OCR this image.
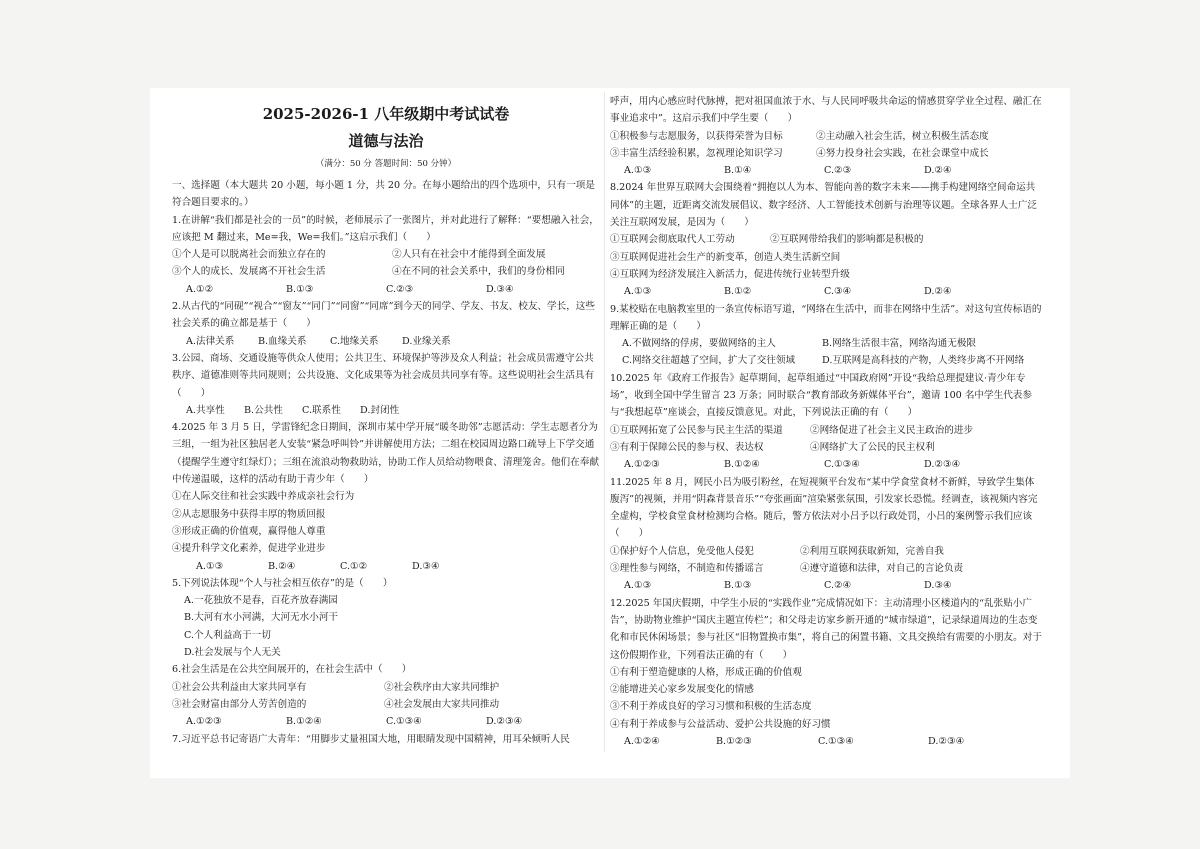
2025-2026-1 八年级期中考试试卷
道德与法治
（满分：50 分 答题时间：50 分钟）

一、选择题（本大题共 20 小题，每小题 1 分，共 20 分。在每小题给出的四个选项中，只有一项是符合题目要求的。）

1.在讲解“我们都是社会的一员”的时候，老师展示了一张图片，并对此进行了解释：“要想融入社会，应该把 M 翻过来，Me=我，We=我们。”这启示我们（　　）

①个人是可以脱离社会而独立存在的	②人只有在社会中才能得到全面发展
③个人的成长、发展离不开社会生活	④在不同的社会关系中，我们的身份相同
A.①②	B.①③	C.②③	D.③④

2.从古代的“同砚”“视合”“窗友”“同门”“同窗”“同席”到今天的同学、学友、书友、校友、学长，这些社会关系的确立都是基于（　　）

A.法律关系	B.血缘关系	C.地缘关系	D.业缘关系

3.公园、商场、交通设施等供众人使用；公共卫生、环境保护等涉及众人利益；社会成员需遵守公共秩序、道德准则等共同规则；公共设施、文化成果等为社会成员共同享有等。这些说明社会生活具有（　　）

A.共享性	B.公共性	C.联系性	D.封闭性

4.2025 年 3 月 5 日，学雷锋纪念日期间，深圳市某中学开展“暖冬助邻”志愿活动：学生志愿者分为三组，一组为社区独居老人安装“紧急呼叫铃”并讲解使用方法；二组在校园周边路口疏导上下学交通（提醒学生遵守红绿灯）；三组在流浪动物救助站，协助工作人员给动物喂食、清理笼舍。他们在奉献中传递温暖，这样的活动有助于青少年（　　）

①在人际交往和社会实践中养成亲社会行为

②从志愿服务中获得丰厚的物质回报

③形成正确的价值观，赢得他人尊重

④提升科学文化素养，促进学业进步

A.①③	B.②④	C.①②	D.③④

5.下列说法体现“个人与社会相互依存”的是（　　）

A.一花独放不是春，百花齐放春满园

B.大河有水小河满，大河无水小河干

C.个人利益高于一切

D.社会发展与个人无关

6.社会生活是在公共空间展开的，在社会生活中（　　）

①社会公共利益由大家共同享有	②社会秩序由大家共同维护
③社会财富由部分人劳苦创造的	④社会发展由大家共同推动
A.①②③	B.①②④	C.①③④	D.②③④

7.习近平总书记寄语广大青年：“用脚步丈量祖国大地，用眼睛发现中国精神，用耳朵倾听人民

呼声，用内心感应时代脉搏，把对祖国血浓于水、与人民同呼吸共命运的情感贯穿学业全过程、融汇在事业追求中”。这启示我们中学生要（　　）

①积极参与志愿服务，以获得荣誉为目标	②主动融入社会生活，树立积极生活态度
③丰富生活经验积累，忽视理论知识学习	④努力投身社会实践，在社会课堂中成长
A.①③	B.①④	C.②③	D.②④

8.2024 年世界互联网大会围绕着“拥抱以人为本、智能向善的数字未来——携手构建网络空间命运共同体”的主题，近距离交流发展倡议、数字经济、人工智能技术创新与治理等议题。全球各界人士广泛关注互联网发展，是因为（　　）

①互联网会彻底取代人工劳动	②互联网带给我们的影响都是积极的

③互联网促进社会生产的新变革，创造人类生活新空间

④互联网为经济发展注入新活力，促进传统行业转型升级

A.①③	B.①②	C.③④	D.②④

9.某校贴在电脑教室里的一条宣传标语写道，“网络在生活中，而非在网络中生活”。对这句宣传标语的理解正确的是（　　）

A.不做网络的俘虏，要做网络的主人	B.网络生活很丰富，网络沟通无极限
C.网络交往超越了空间，扩大了交往领域	D.互联网是高科技的产物，人类终步离不开网络

10.2025 年《政府工作报告》起草期间，起草组通过“中国政府网”开设“我给总理提建议·青少年专场”，收到全国中学生留言 23 万条；同时联合“教育部政务新媒体平台”，邀请 100 名中学生代表参与“我想起草”座谈会，直接反馈意见。对此，下列说法正确的有（　　）

①互联网拓宽了公民参与民主生活的渠道	②网络促进了社会主义民主政治的进步
③有利于保障公民的参与权、表达权	④网络扩大了公民的民主权利
A.①②③	B.①②④	C.①③④	D.②③④

11.2025 年 8 月，网民小吕为吸引粉丝，在短视频平台发布“某中学食堂食材不新鲜，导致学生集体腹泻”的视频，并用“阴森背景音乐”“夸张画面”渲染紧张氛围，引发家长恐慌。经调查，该视频内容完全虚构，学校食堂食材检测均合格。随后，警方依法对小吕予以行政处罚，小吕的案例警示我们应该（　　）

①保护好个人信息，免受他人侵犯	②利用互联网获取新知，完善自我
③理性参与网络，不制造和传播谣言	④遵守道德和法律，对自己的言论负责
A.①③	B.①③	C.②④	D.③④

12.2025 年国庆假期，中学生小辰的“实践作业”完成情况如下：主动清理小区楼道内的“乱张贴小广告”，协助物业维护“国庆主题宣传栏”；和父母走访家乡新开通的“城市绿道”，记录绿道周边的生态变化和市民休闲场景；参与社区“旧物置换市集”，将自己的闲置书籍、文具交换给有需要的小朋友。对于这份假期作业，下列看法正确的有（　　）

①有利于塑造健康的人格，形成正确的价值观

②能增进关心家乡发展变化的情感

③不利于养成良好的学习习惯和积极的生活态度

④有利于养成参与公益活动、爱护公共设施的好习惯

A.①②④	B.①②③	C.①③④	D.②③④
